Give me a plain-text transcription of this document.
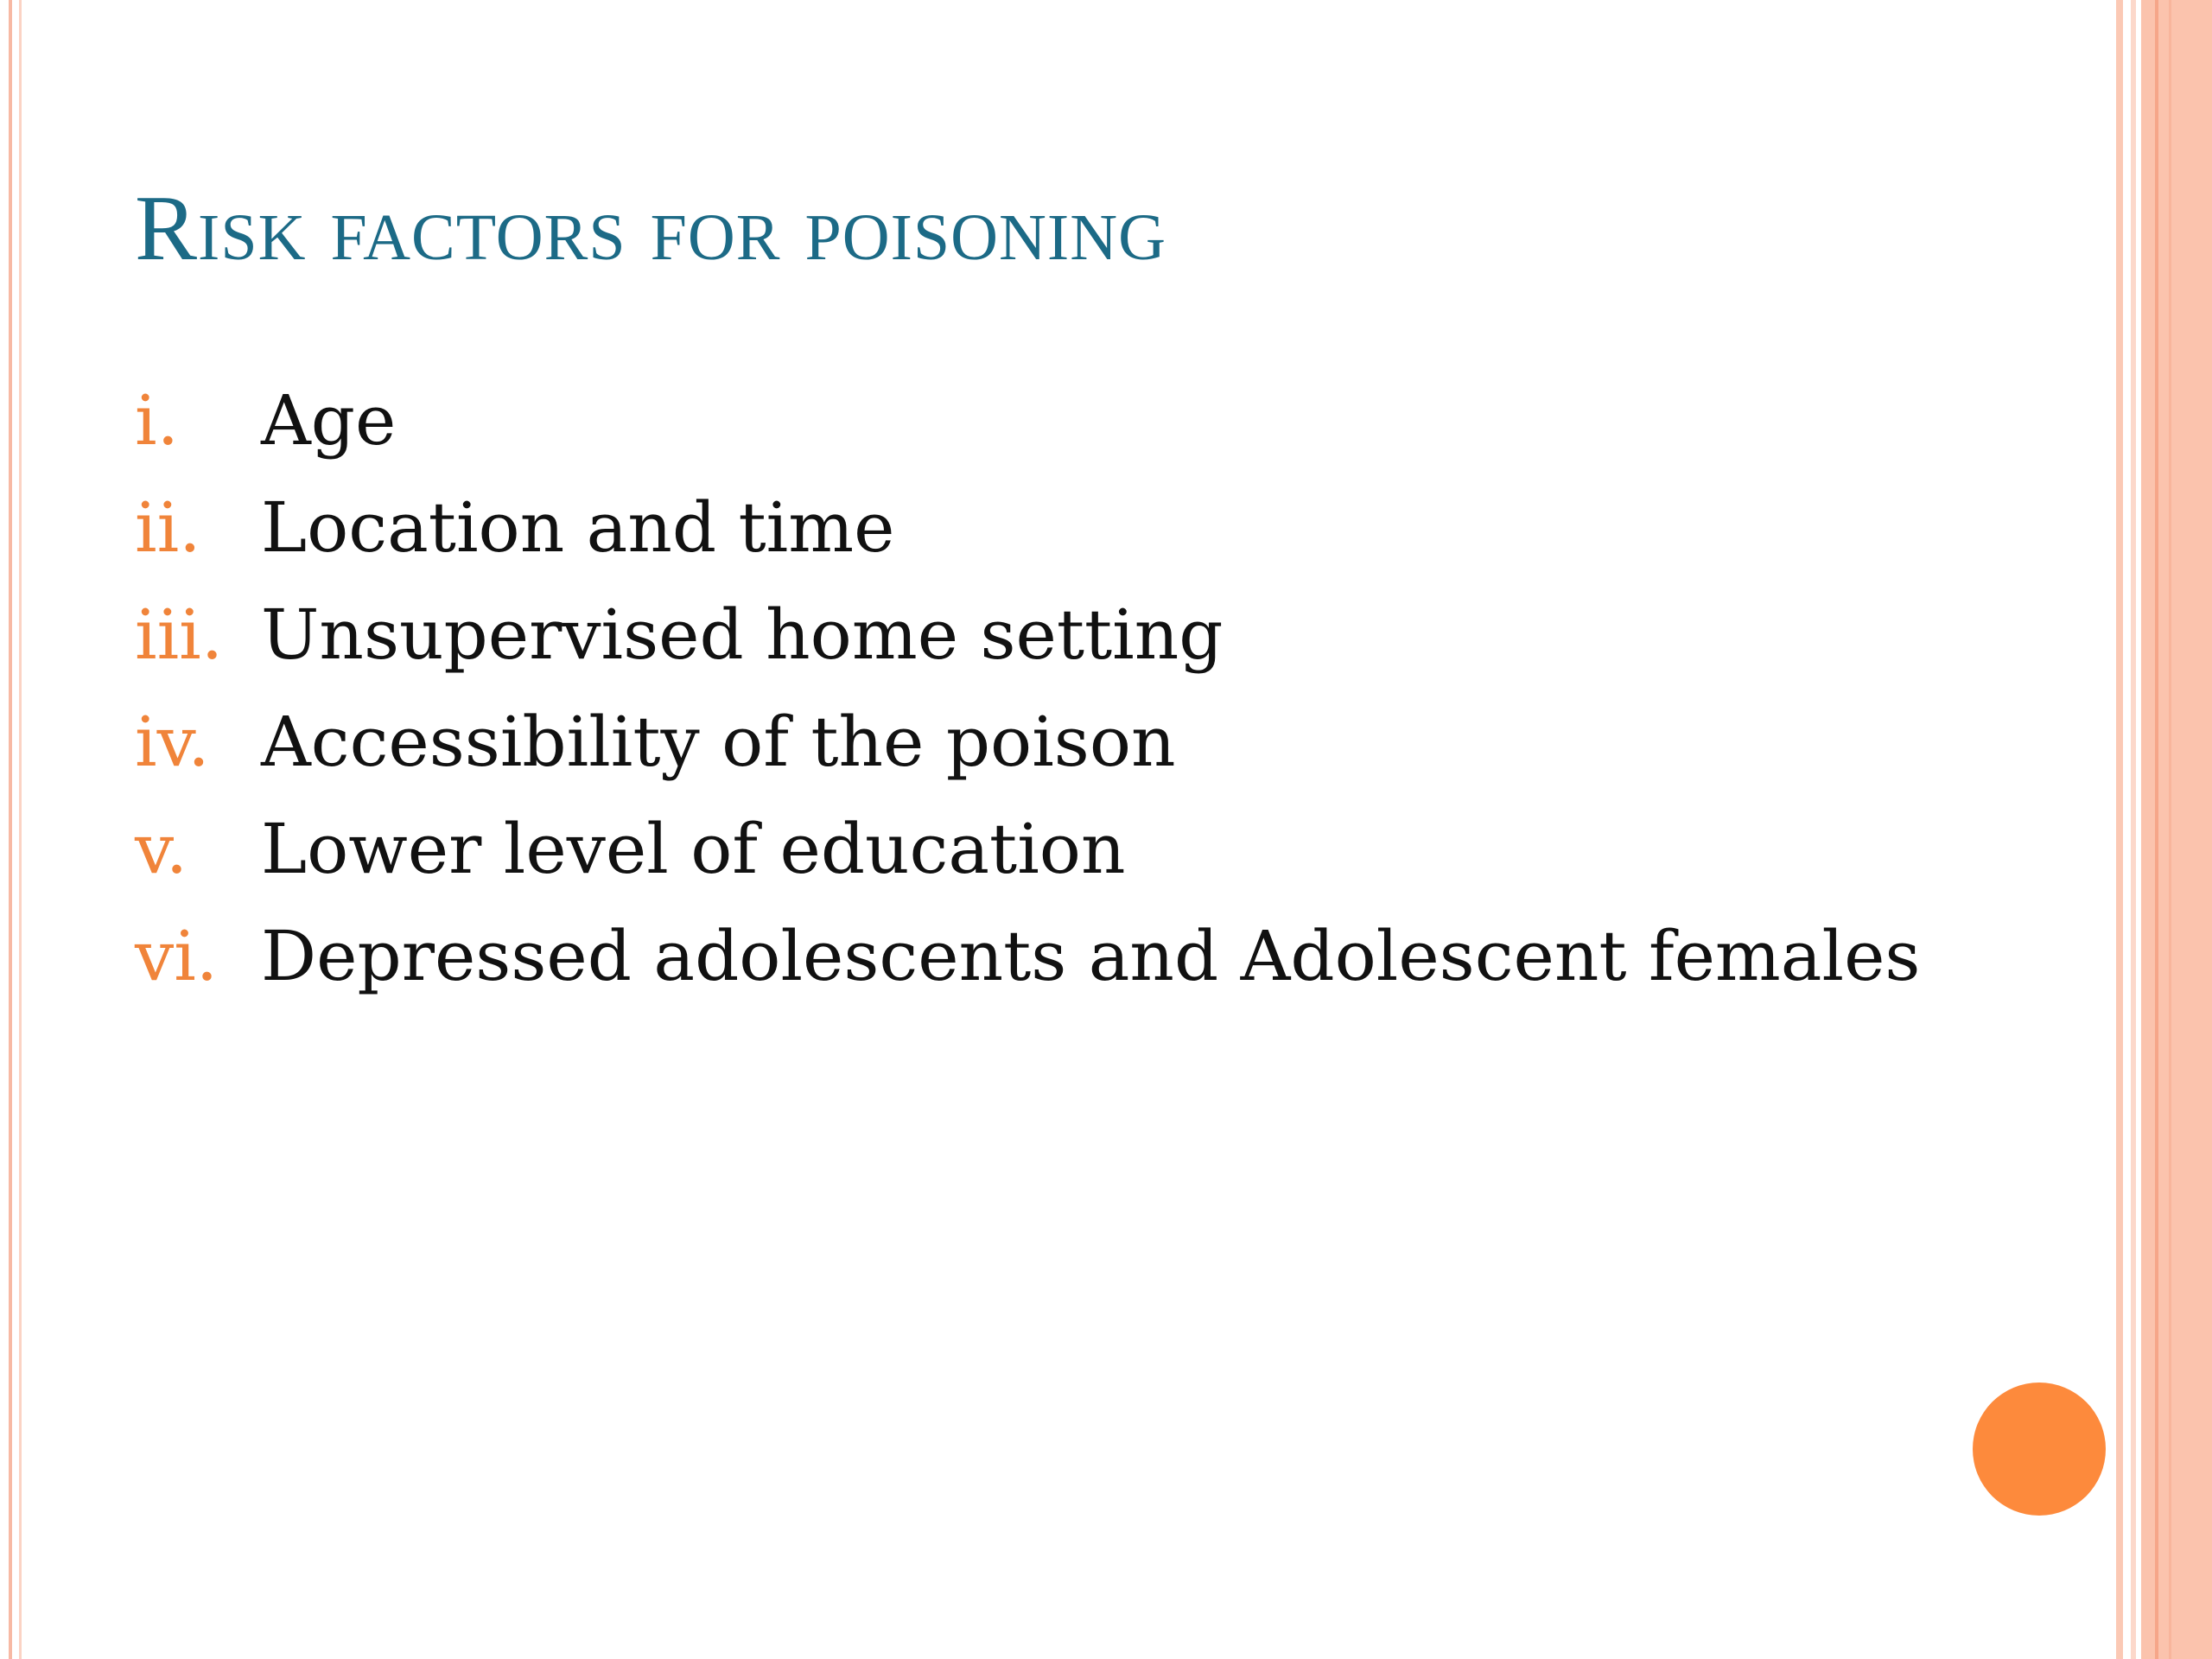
Risk factors for poisoning
i.	Age
ii. Location and time
iii. Unsupervised home setting
iv. Accessibility of the poison
v.	Lower level of education
vi. Depressed adolescents and Adolescent females
